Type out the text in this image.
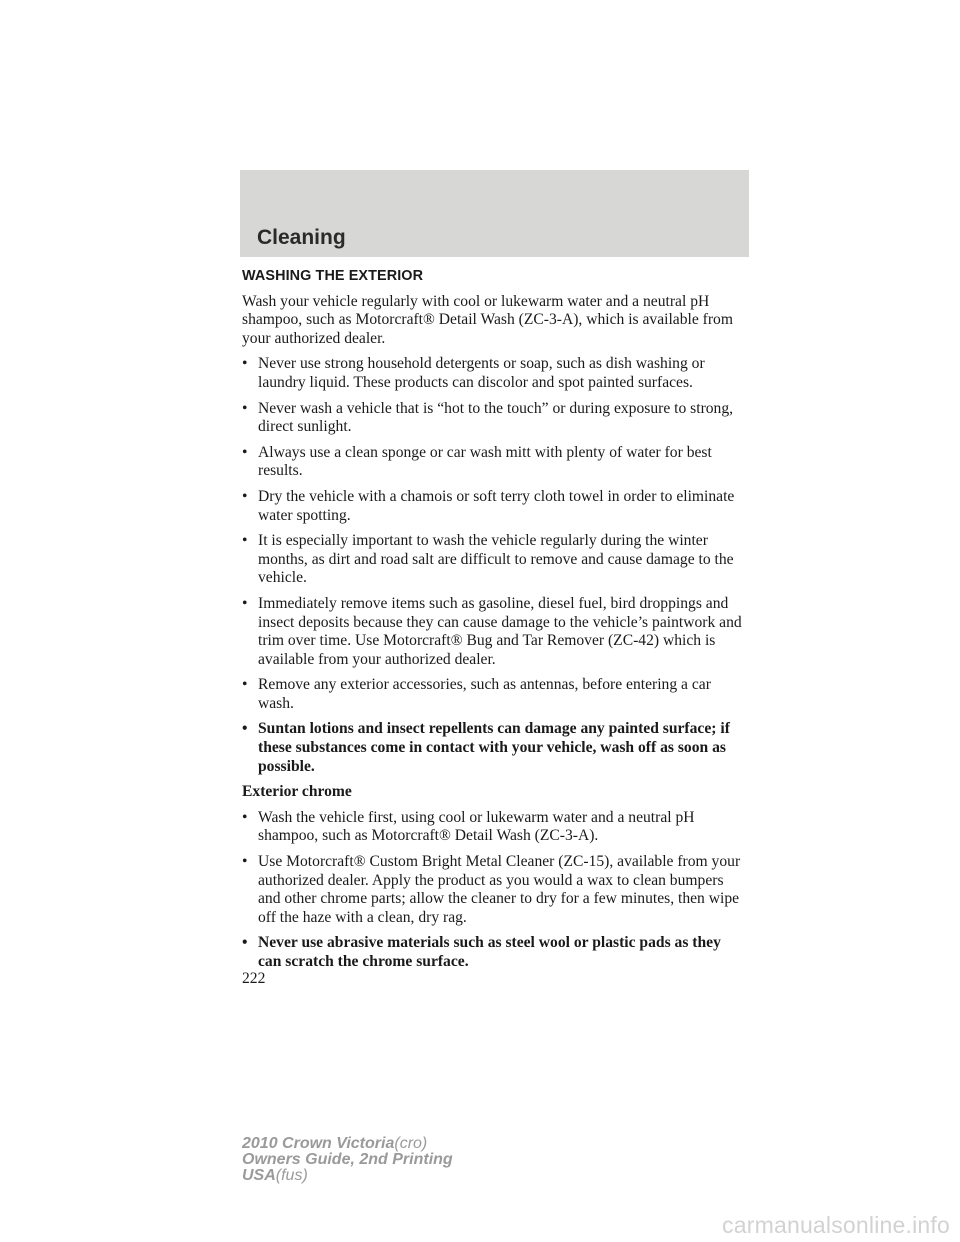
Cleaning

WASHING THE EXTERIOR

Wash your vehicle regularly with cool or lukewarm water and a neutral pH shampoo, such as Motorcraft® Detail Wash (ZC-3-A), which is available from your authorized dealer.

• Never use strong household detergents or soap, such as dish washing or laundry liquid. These products can discolor and spot painted surfaces.
• Never wash a vehicle that is “hot to the touch” or during exposure to strong, direct sunlight.
• Always use a clean sponge or car wash mitt with plenty of water for best results.
• Dry the vehicle with a chamois or soft terry cloth towel in order to eliminate water spotting.
• It is especially important to wash the vehicle regularly during the winter months, as dirt and road salt are difficult to remove and cause damage to the vehicle.
• Immediately remove items such as gasoline, diesel fuel, bird droppings and insect deposits because they can cause damage to the vehicle’s paintwork and trim over time. Use Motorcraft® Bug and Tar Remover (ZC-42) which is available from your authorized dealer.
• Remove any exterior accessories, such as antennas, before entering a car wash.
• Suntan lotions and insect repellents can damage any painted surface; if these substances come in contact with your vehicle, wash off as soon as possible.

Exterior chrome

• Wash the vehicle first, using cool or lukewarm water and a neutral pH shampoo, such as Motorcraft® Detail Wash (ZC-3-A).
• Use Motorcraft® Custom Bright Metal Cleaner (ZC-15), available from your authorized dealer. Apply the product as you would a wax to clean bumpers and other chrome parts; allow the cleaner to dry for a few minutes, then wipe off the haze with a clean, dry rag.
• Never use abrasive materials such as steel wool or plastic pads as they can scratch the chrome surface.
222
2010 Crown Victoria(cro)
Owners Guide, 2nd Printing
USA(fus)
carmanualsonline.info
